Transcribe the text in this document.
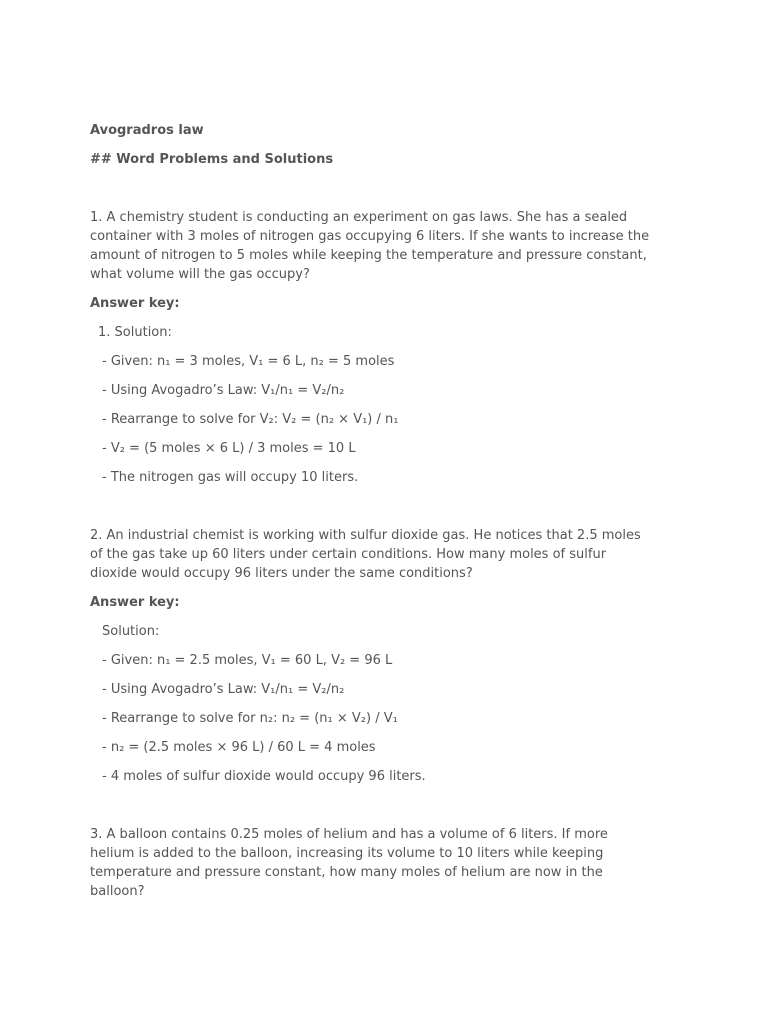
Avogradros law
## Word Problems and Solutions
1. A chemistry student is conducting an experiment on gas laws. She has a sealed container with 3 moles of nitrogen gas occupying 6 liters. If she wants to increase the amount of nitrogen to 5 moles while keeping the temperature and pressure constant, what volume will the gas occupy?
Answer key:
1. Solution:
- Given: n₁ = 3 moles, V₁ = 6 L, n₂ = 5 moles
- Using Avogadro’s Law: V₁/n₁ = V₂/n₂
- Rearrange to solve for V₂: V₂ = (n₂ × V₁) / n₁
- V₂ = (5 moles × 6 L) / 3 moles = 10 L
- The nitrogen gas will occupy 10 liters.
2. An industrial chemist is working with sulfur dioxide gas. He notices that 2.5 moles of the gas take up 60 liters under certain conditions. How many moles of sulfur dioxide would occupy 96 liters under the same conditions?
Answer key:
Solution:
- Given: n₁ = 2.5 moles, V₁ = 60 L, V₂ = 96 L
- Using Avogadro’s Law: V₁/n₁ = V₂/n₂
- Rearrange to solve for n₂: n₂ = (n₁ × V₂) / V₁
- n₂ = (2.5 moles × 96 L) / 60 L = 4 moles
- 4 moles of sulfur dioxide would occupy 96 liters.
3. A balloon contains 0.25 moles of helium and has a volume of 6 liters. If more helium is added to the balloon, increasing its volume to 10 liters while keeping temperature and pressure constant, how many moles of helium are now in the balloon?
